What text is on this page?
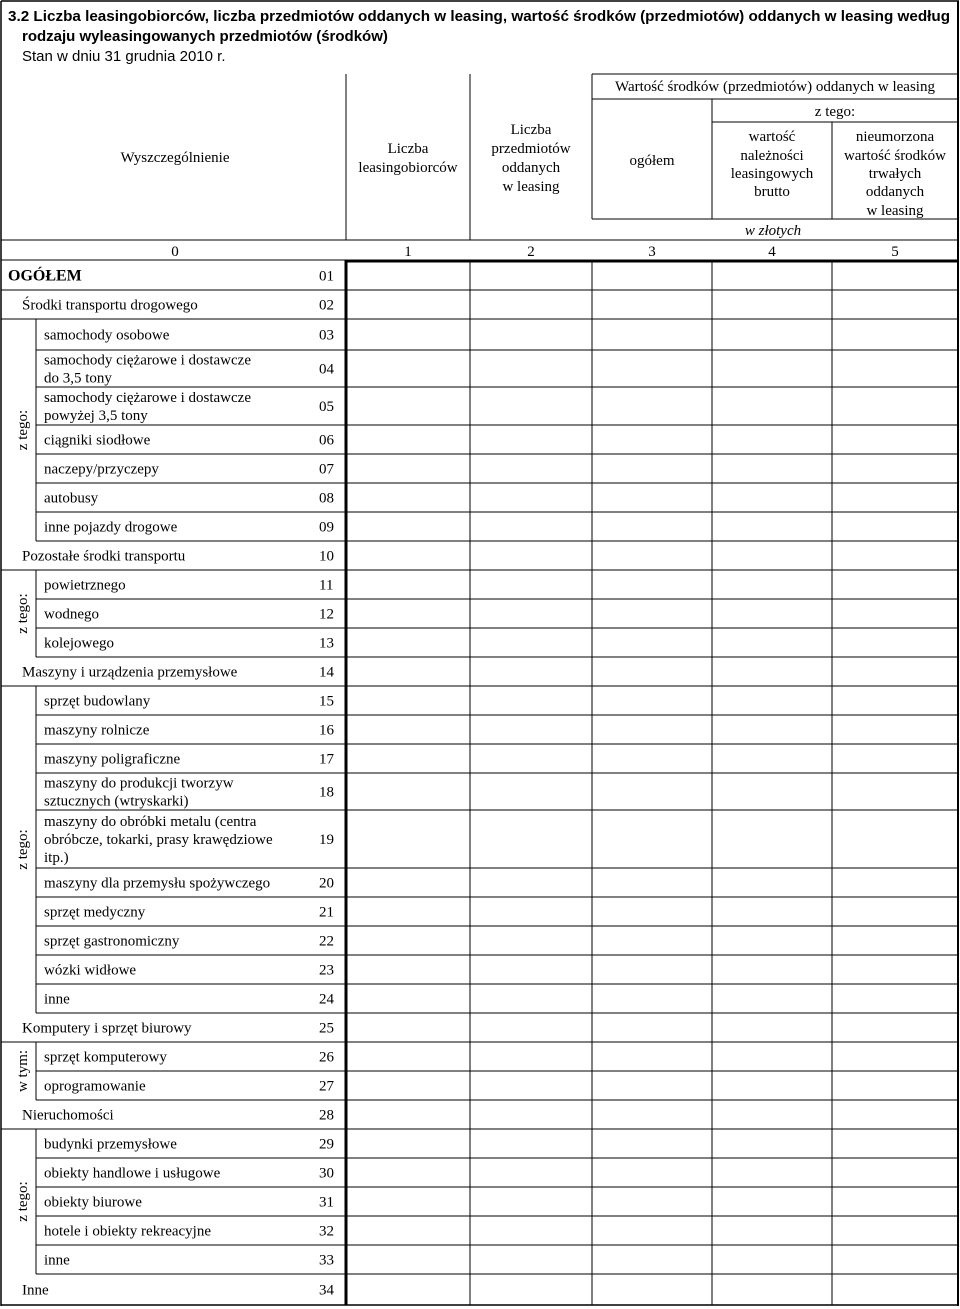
3.2 Liczba leasingobiorców, liczba przedmiotów oddanych w leasing, wartość środków (przedmiotów) oddanych w leasing według
rodzaju wyleasingowanych przedmiotów (środków)
Stan w dniu 31 grudnia 2010 r.
Wyszczególnienie
Liczba
leasingobiorców
Liczba
przedmiotów
oddanych
w leasing
Wartość środków (przedmiotów) oddanych w leasing
ogółem
z tego:
wartość
należności
leasingowych
brutto
nieumorzona
wartość środków
trwałych
oddanych
w leasing
w złotych
0	1	2	3	4	5
OGÓŁEM	01
Środki transportu drogowego	02
samochody osobowe	03
samochody ciężarowe i dostawcze
do 3,5 tony
04
samochody ciężarowe i dostawcze
powyżej 3,5 tony
05
ciągniki siodłowe	06
naczepy/przyczepy	07
autobusy	08
inne pojazdy drogowe	09
Pozostałe środki transportu	10
powietrznego	11
wodnego	12
kolejowego	13
Maszyny i urządzenia przemysłowe	14
sprzęt budowlany	15
maszyny rolnicze	16
maszyny poligraficzne	17
maszyny do produkcji tworzyw
sztucznych (wtryskarki)
18
maszyny do obróbki metalu (centra
obróbcze, tokarki, prasy krawędziowe
itp.)
19
maszyny dla przemysłu spożywczego	20
sprzęt medyczny	21
sprzęt gastronomiczny	22
wózki widłowe	23
inne	24
Komputery i sprzęt biurowy	25
sprzęt komputerowy	26
oprogramowanie	27
Nieruchomości	28
budynki przemysłowe	29
obiekty handlowe i usługowe	30
obiekty biurowe	31
hotele i obiekty rekreacyjne	32
inne	33
Inne	34
z tego:
z tego:
z tego:
w tym:
z tego:
